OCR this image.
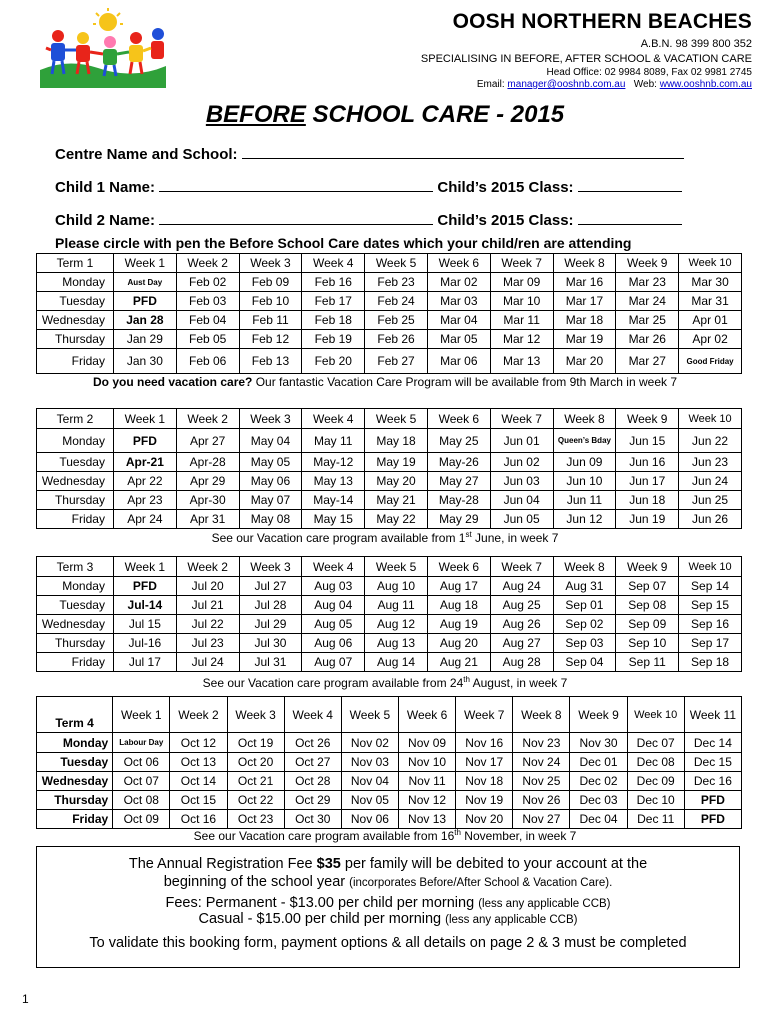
OOSH NORTHERN BEACHES
A.B.N. 98 399 800 352
SPECIALISING IN BEFORE, AFTER SCHOOL & VACATION CARE
Head Office: 02 9984 8089, Fax 02 9981 2745
Email: manager@ooshnb.com.au Web: www.ooshnb.com.au
BEFORE SCHOOL CARE - 2015
Centre Name and School:
Child 1 Name:	Child’s 2015 Class:
Child 2 Name:	Child’s 2015 Class:
Please circle with pen the Before School Care dates which your child/ren are attending
Term 1	Week 1	Week 2	Week 3	Week 4	Week 5	Week 6	Week 7	Week 8	Week 9	Week 10
Monday	Aust Day	Feb 02	Feb 09	Feb 16	Feb 23	Mar 02	Mar 09	Mar 16	Mar 23	Mar 30
Tuesday	PFD	Feb 03	Feb 10	Feb 17	Feb 24	Mar 03	Mar 10	Mar 17	Mar 24	Mar 31
Wednesday	Jan 28	Feb 04	Feb 11	Feb 18	Feb 25	Mar 04	Mar 11	Mar 18	Mar 25	Apr 01
Thursday	Jan 29	Feb 05	Feb 12	Feb 19	Feb 26	Mar 05	Mar 12	Mar 19	Mar 26	Apr 02
Friday	Jan 30	Feb 06	Feb 13	Feb 20	Feb 27	Mar 06	Mar 13	Mar 20	Mar 27	Good Friday
Do you need vacation care? Our fantastic Vacation Care Program will be available from 9th March in week 7
Term 2	Week 1	Week 2	Week 3	Week 4	Week 5	Week 6	Week 7	Week 8	Week 9	Week 10
Monday	PFD	Apr 27	May 04	May 11	May 18	May 25	Jun 01	Queen’s Bday	Jun 15	Jun 22
Tuesday	Apr-21	Apr-28	May 05	May-12	May 19	May-26	Jun 02	Jun 09	Jun 16	Jun 23
Wednesday	Apr 22	Apr 29	May 06	May 13	May 20	May 27	Jun 03	Jun 10	Jun 17	Jun 24
Thursday	Apr 23	Apr-30	May 07	May-14	May 21	May-28	Jun 04	Jun 11	Jun 18	Jun 25
Friday	Apr 24	Apr 31	May 08	May 15	May 22	May 29	Jun 05	Jun 12	Jun 19	Jun 26
See our Vacation care program available from 1st June, in week 7
Term 3	Week 1	Week 2	Week 3	Week 4	Week 5	Week 6	Week 7	Week 8	Week 9	Week 10
Monday	PFD	Jul 20	Jul 27	Aug 03	Aug 10	Aug 17	Aug 24	Aug 31	Sep 07	Sep 14
Tuesday	Jul-14	Jul 21	Jul 28	Aug 04	Aug 11	Aug 18	Aug 25	Sep 01	Sep 08	Sep 15
Wednesday	Jul 15	Jul 22	Jul 29	Aug 05	Aug 12	Aug 19	Aug 26	Sep 02	Sep 09	Sep 16
Thursday	Jul-16	Jul 23	Jul 30	Aug 06	Aug 13	Aug 20	Aug 27	Sep 03	Sep 10	Sep 17
Friday	Jul 17	Jul 24	Jul 31	Aug 07	Aug 14	Aug 21	Aug 28	Sep 04	Sep 11	Sep 18
See our Vacation care program available from 24th August, in week 7
Term 4	Week 1	Week 2	Week 3	Week 4	Week 5	Week 6	Week 7	Week 8	Week 9	Week 10	Week 11
Monday	Labour Day	Oct 12	Oct 19	Oct 26	Nov 02	Nov 09	Nov 16	Nov 23	Nov 30	Dec 07	Dec 14
Tuesday	Oct 06	Oct 13	Oct 20	Oct 27	Nov 03	Nov 10	Nov 17	Nov 24	Dec 01	Dec 08	Dec 15
Wednesday	Oct 07	Oct 14	Oct 21	Oct 28	Nov 04	Nov 11	Nov 18	Nov 25	Dec 02	Dec 09	Dec 16
Thursday	Oct 08	Oct 15	Oct 22	Oct 29	Nov 05	Nov 12	Nov 19	Nov 26	Dec 03	Dec 10	PFD
Friday	Oct 09	Oct 16	Oct 23	Oct 30	Nov 06	Nov 13	Nov 20	Nov 27	Dec 04	Dec 11	PFD
See our Vacation care program available from 16th November, in week 7
The Annual Registration Fee $35 per family will be debited to your account at the
beginning of the school year (incorporates Before/After School & Vacation Care).
Fees: Permanent - $13.00 per child per morning (less any applicable CCB)
Casual - $15.00 per child per morning (less any applicable CCB)
To validate this booking form, payment options & all details on page 2 & 3 must be completed
1
